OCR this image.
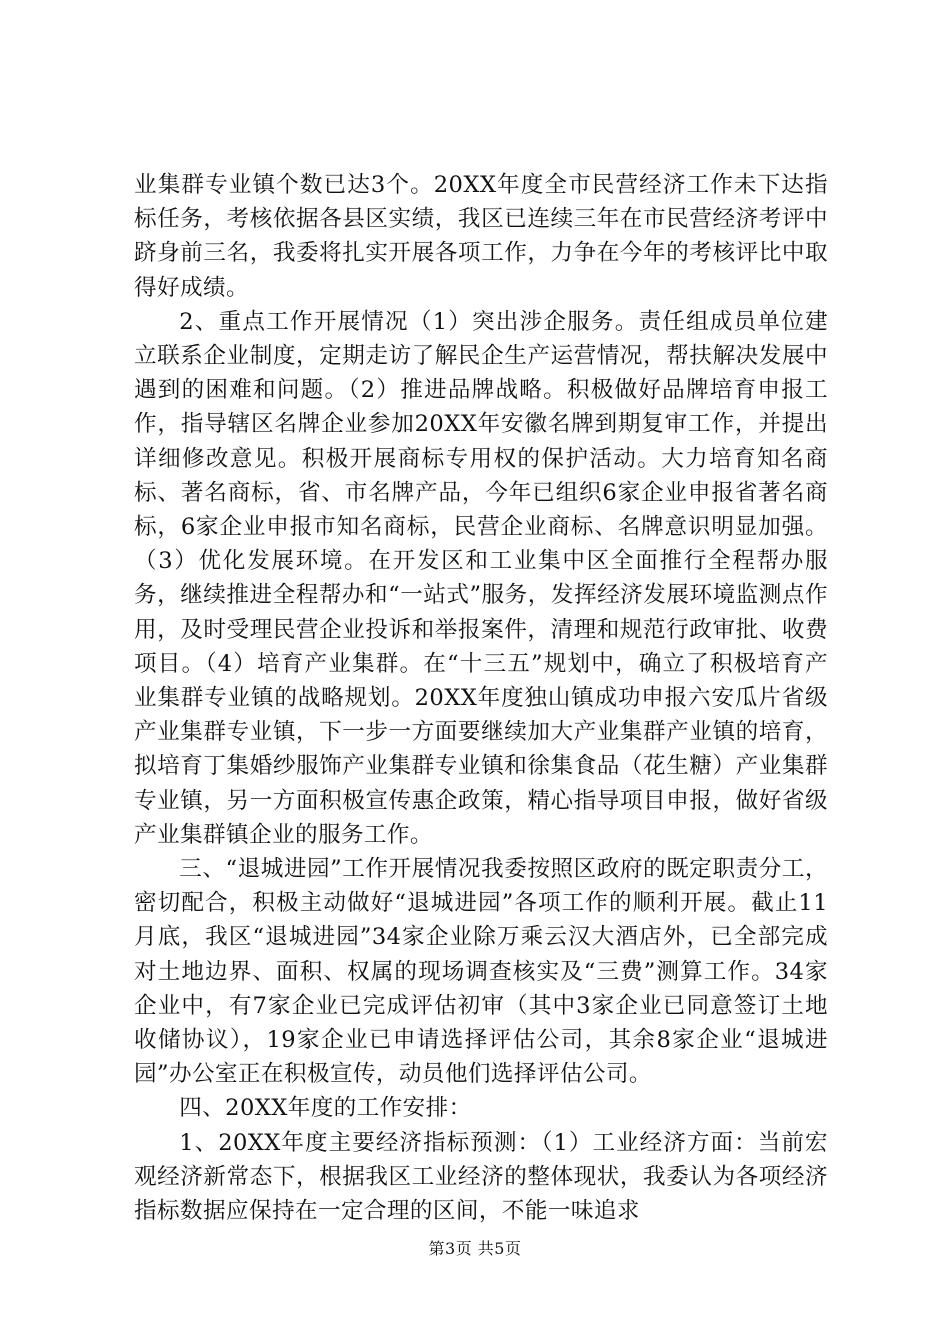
业集群专业镇个数已达3个。20XX年度全市民营经济工作未下达指标任务，考核依据各县区实绩，我区已连续三年在市民营经济考评中跻身前三名，我委将扎实开展各项工作，力争在今年的考核评比中取得好成绩。

2、重点工作开展情况（1）突出涉企服务。责任组成员单位建立联系企业制度，定期走访了解民企生产运营情况，帮扶解决发展中遇到的困难和问题。（2）推进品牌战略。积极做好品牌培育申报工作，指导辖区名牌企业参加20XX年安徽名牌到期复审工作，并提出详细修改意见。积极开展商标专用权的保护活动。大力培育知名商标、著名商标，省、市名牌产品，今年已组织6家企业申报省著名商标，6家企业申报市知名商标，民营企业商标、名牌意识明显加强。（3）优化发展环境。在开发区和工业集中区全面推行全程帮办服务，继续推进全程帮办和“一站式”服务，发挥经济发展环境监测点作用，及时受理民营企业投诉和举报案件，清理和规范行政审批、收费项目。（4）培育产业集群。在“十三五”规划中，确立了积极培育产业集群专业镇的战略规划。20XX年度独山镇成功申报六安瓜片省级产业集群专业镇，下一步一方面要继续加大产业集群产业镇的培育，拟培育丁集婚纱服饰产业集群专业镇和徐集食品（花生糖）产业集群专业镇，另一方面积极宣传惠企政策，精心指导项目申报，做好省级产业集群镇企业的服务工作。

三、“退城进园”工作开展情况我委按照区政府的既定职责分工，密切配合，积极主动做好“退城进园”各项工作的顺利开展。截止11月底，我区“退城进园”34家企业除万乘云汉大酒店外，已全部完成对土地边界、面积、权属的现场调查核实及“三费”测算工作。34家企业中，有7家企业已完成评估初审（其中3家企业已同意签订土地收储协议），19家企业已申请选择评估公司，其余8家企业“退城进园”办公室正在积极宣传，动员他们选择评估公司。

四、20XX年度的工作安排：

1、20XX年度主要经济指标预测：（1）工业经济方面：当前宏观经济新常态下，根据我区工业经济的整体现状，我委认为各项经济指标数据应保持在一定合理的区间，不能一味追求

第3页 共5页
